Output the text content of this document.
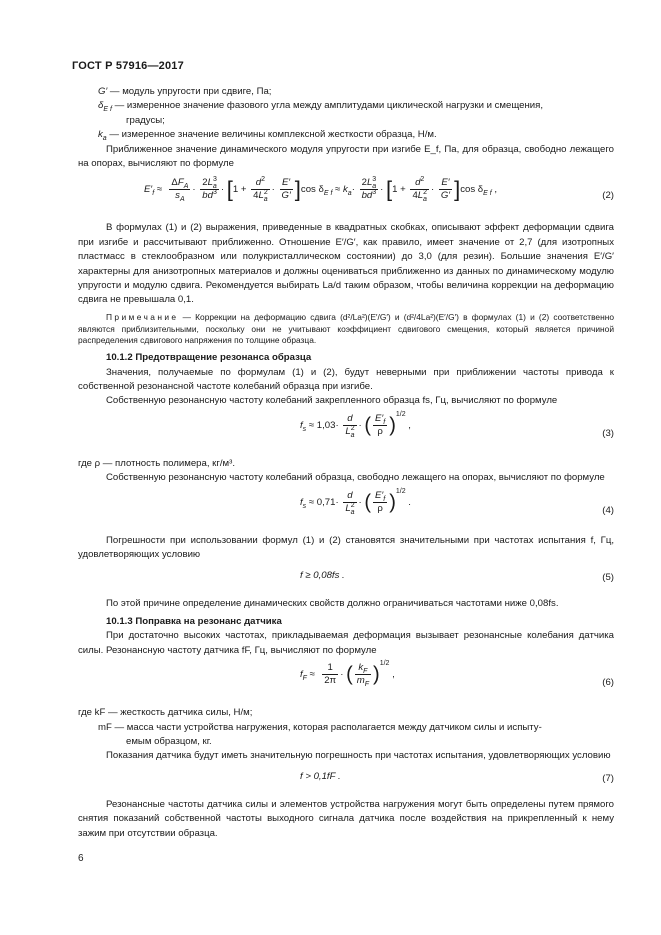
ГОСТ Р 57916—2017

G′ — модуль упругости при сдвиге, Па;

$\delta_{E f}$ — измеренное значение фазового угла между амплитудами циклической нагрузки и смещения,

градусы;

$k_a$ — измеренное значение величины комплексной жесткости образца, Н/м.

Приближенное значение динамического модуля упругости при изгибе E_f, Па, для образца, свободно лежащего на опорах, вычисляют по формуле

$E'_f \approx \frac{\Delta F_A}{s_A} \cdot \frac{2L^3_a}{bd^3} \cdot [1 + \frac{d^2}{4L^2_a} \cdot \frac{E'}{G'} ]\cos$ $\delta_{E f} \approx k_a\cdot \frac{2L^3_a}{bd^3} \cdot [1 + \frac{d^2}{4L^2_a} \cdot \frac{E'}{G'} ]\cos$ $\delta_{E f}$ ,
(2)

В формулах (1) и (2) выражения, приведенные в квадратных скобках, описывают эффект деформации сдвига при изгибе и рассчитывают приближенно. Отношение E′/G′, как правило, имеет значение от 2,7 (для изотропных пластмасс в стеклообразном или полукристаллическом состоянии) до 3,0 (для резин). Большие значения E′/G′ характерны для анизотропных материалов и должны оцениваться приближенно из данных по динамическому модулю упругости и модулю сдвига. Рекомендуется выбирать La/d таким образом, чтобы величина коррекции на деформацию сдвига не превышала 0,1.

Примечание — Коррекции на деформацию сдвига (d²/La²)(E′/G′) и (d²/4La²)(E′/G′) в формулах (1) и (2) соответственно являются приблизительными, поскольку они не учитывают коэффициент сдвигового смещения, который является причиной распределения сдвигового напряжения по толщине образца.

10.1.2 Предотвращение резонанса образца

Значения, получаемые по формулам (1) и (2), будут неверными при приближении частоты привода к собственной резонансной частоте колебаний образца при изгибе.

Собственную резонансную частоту колебаний закрепленного образца fs, Гц, вычисляют по формуле

$f_s \approx 1,03\cdot \frac{d}{L^2_a}$ · ( $\frac{E'_f}{\rho} )^{1/2}$ ,
(3)

где ρ — плотность полимера, кг/м³.

Собственную резонансную частоту колебаний образца, свободно лежащего на опорах, вычисляют по формуле

$f_s \approx 0,71\cdot \frac{d}{L^2_a}$ · ( $\frac{E'_f}{\rho} )^{1/2}$ .
(4)

Погрешности при использовании формул (1) и (2) становятся значительными при частотах испытания f, Гц, удовлетворяющих условию

f ≥ 0,08fs .	(5)

По этой причине определение динамических свойств должно ограничиваться частотами ниже 0,08fs.

10.1.3 Поправка на резонанс датчика

При достаточно высоких частотах, прикладываемая деформация вызывает резонансные колебания датчика силы. Резонансную частоту датчика fF, Гц, вычисляют по формуле

$f_F \approx \frac{1}{2\pi}$ · ( $\frac{k_F}{m_F} )^{1/2}$ ,
(6)

где kF — жесткость датчика силы, Н/м;

mF — масса части устройства нагружения, которая располагается между датчиком силы и испыту-

емым образцом, кг.

Показания датчика будут иметь значительную погрешность при частотах испытания, удовлетворяющих условию

f > 0,1fF .	(7)

Резонансные частоты датчика силы и элементов устройства нагружения могут быть определены путем прямого снятия показаний собственной частоты выходного сигнала датчика после воздействия на прикрепленный к нему зажим при отсутствии образца.

6
